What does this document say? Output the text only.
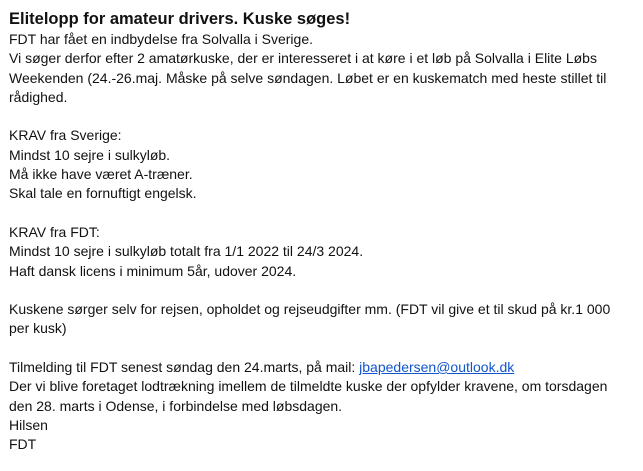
Elitelopp for amateur drivers. Kuske søges!

FDT har fået en indbydelse fra Solvalla i Sverige.
Vi søger derfor efter 2 amatørkuske, der er interesseret i at køre i et løb på Solvalla i Elite Løbs
Weekenden (24.-26.maj. Måske på selve søndagen. Løbet er en kuskematch med heste stillet til
rådighed.

KRAV fra Sverige:
Mindst 10 sejre i sulkyløb.
Må ikke have været A-træner.
Skal tale en fornuftigt engelsk.

KRAV fra FDT:
Mindst 10 sejre i sulkyløb totalt fra 1/1 2022 til 24/3 2024.
Haft dansk licens i minimum 5år, udover 2024.

Kuskene sørger selv for rejsen, opholdet og rejseudgifter mm. (FDT vil give et til skud på kr.1 000
per kusk)

Tilmelding til FDT senest søndag den 24.marts, på mail: jbapedersen@outlook.dk
Der vi blive foretaget lodtrækning imellem de tilmeldte kuske der opfylder kravene, om torsdagen
den 28. marts i Odense, i forbindelse med løbsdagen.
Hilsen
FDT
